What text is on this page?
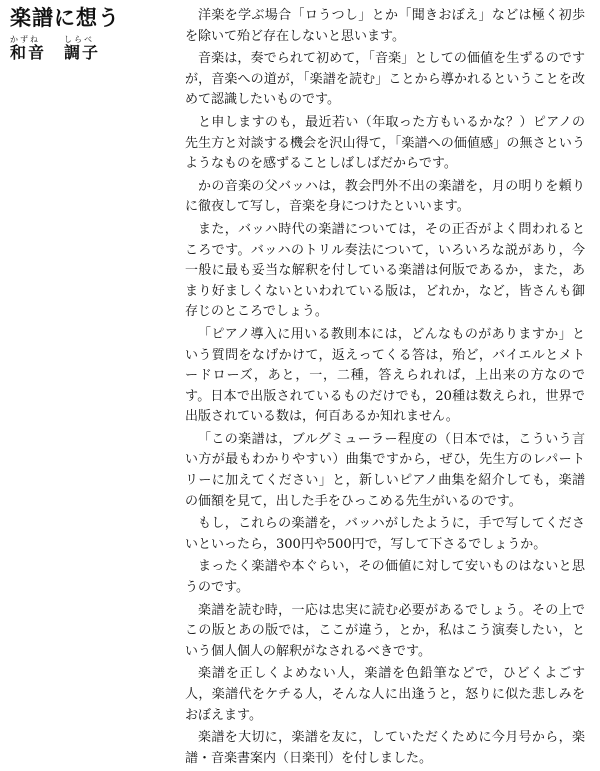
楽譜に想う
かずね
和音
しらべ
調子

洋楽を学ぶ場合「ロうつし」とか「聞きおぼえ」などは極く初歩を除いて殆ど存在しないと思います。

音楽は，奏でられて初めて，「音楽」としての価値を生ずるのですが，音楽への道が，「楽譜を読む」ことから導かれるということを改めて認識したいものです。

と申しますのも，最近若い（年取った方もいるかな？）ピアノの先生方と対談する機会を沢山得て，「楽譜への価値感」の無さというようなものを感ずることしばしばだからです。

かの音楽の父バッハは，教会門外不出の楽譜を，月の明りを頼りに徹夜して写し，音楽を身につけたといいます。

また，バッハ時代の楽譜については，その正否がよく問われるところです。バッハのトリル奏法について，いろいろな説があり，今一般に最も妥当な解釈を付している楽譜は何版であるか，また，あまり好ましくないといわれている版は，どれか，など，皆さんも御存じのところでしょう。

「ピアノ導入に用いる教則本には，どんなものがありますか」という質問をなげかけて，返えってくる答は，殆ど，バイエルとメトードローズ，あと，一，二種，答えられれば，上出来の方なのです。日本で出版されているものだけでも，20種は数えられ，世界で出版されている数は，何百あるか知れません。

「この楽譜は，ブルグミューラー程度の（日本では，こういう言い方が最もわかりやすい）曲集ですから，ぜひ，先生方のレパートリーに加えてください」と，新しいピアノ曲集を紹介しても，楽譜の価額を見て，出した手をひっこめる先生がいるのです。

もし，これらの楽譜を，バッハがしたように，手で写してくださいといったら，300円や500円で，写して下さるでしょうか。

まったく楽譜や本ぐらい，その価値に対して安いものはないと思うのです。

楽譜を読む時，一応は忠実に読む必要があるでしょう。その上でこの版とあの版では，ここが違う，とか，私はこう演奏したい，という個人個人の解釈がなされるべきです。

楽譜を正しくよめない人，楽譜を色鉛筆などで，ひどくよごす人，楽譜代をケチる人，そんな人に出逢うと，怒りに似た悲しみをおぼえます。

楽譜を大切に，楽譜を友に，していただくために今月号から，楽譜・音楽書案内（日楽刊）を付しました。
